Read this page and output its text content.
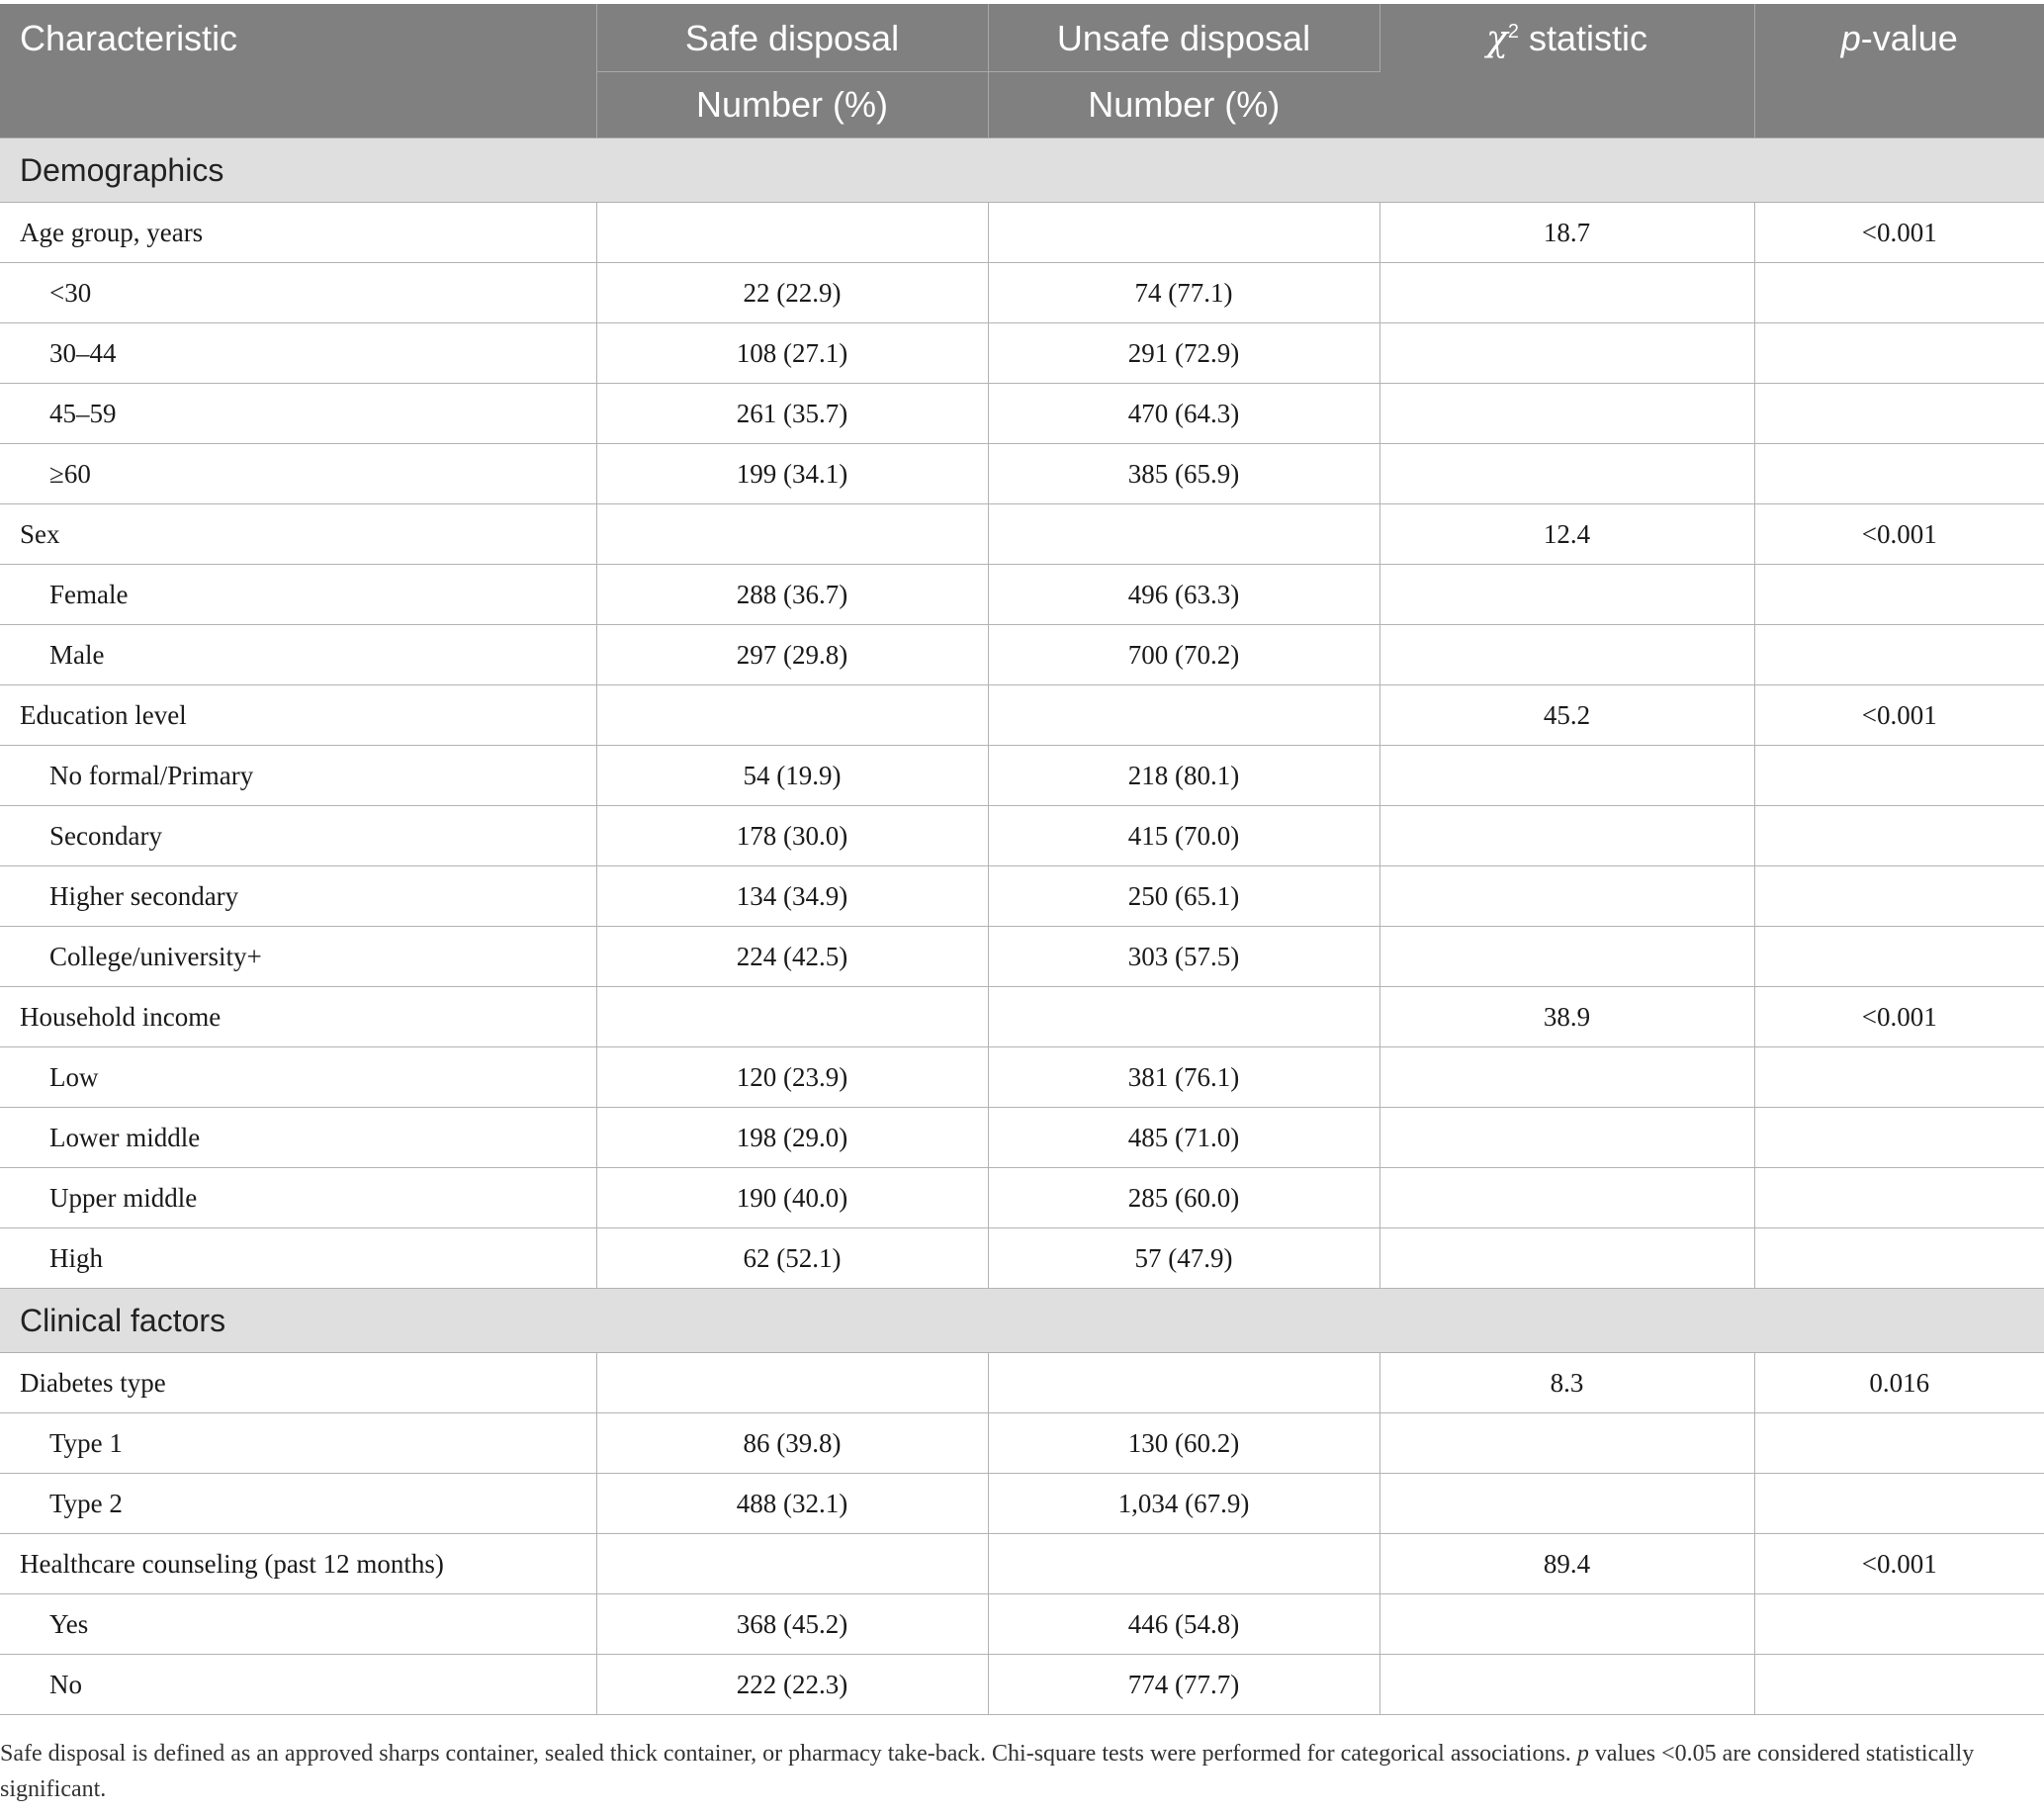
Characteristic	Safe disposal	Unsafe disposal	$\chi^2$ statistic	p-value
	Number (%)	Number (%)		
Demographics				
Age group, years			18.7	<0.001
<30	22 (22.9)	74 (77.1)		
30–44	108 (27.1)	291 (72.9)		
45–59	261 (35.7)	470 (64.3)		
≥60	199 (34.1)	385 (65.9)		
Sex			12.4	<0.001
Female	288 (36.7)	496 (63.3)		
Male	297 (29.8)	700 (70.2)		
Education level			45.2	<0.001
No formal/Primary	54 (19.9)	218 (80.1)		
Secondary	178 (30.0)	415 (70.0)		
Higher secondary	134 (34.9)	250 (65.1)		
College/university+	224 (42.5)	303 (57.5)		
Household income			38.9	<0.001
Low	120 (23.9)	381 (76.1)		
Lower middle	198 (29.0)	485 (71.0)		
Upper middle	190 (40.0)	285 (60.0)		
High	62 (52.1)	57 (47.9)		
Clinical factors				
Diabetes type			8.3	0.016
Type 1	86 (39.8)	130 (60.2)		
Type 2	488 (32.1)	1,034 (67.9)		
Healthcare counseling (past 12 months)			89.4	<0.001
Yes	368 (45.2)	446 (54.8)		
No	222 (22.3)	774 (77.7)		
Safe disposal is defined as an approved sharps container, sealed thick container, or pharmacy take-back. Chi-square tests were performed for categorical associations. p values <0.05 are considered statistically significant.
